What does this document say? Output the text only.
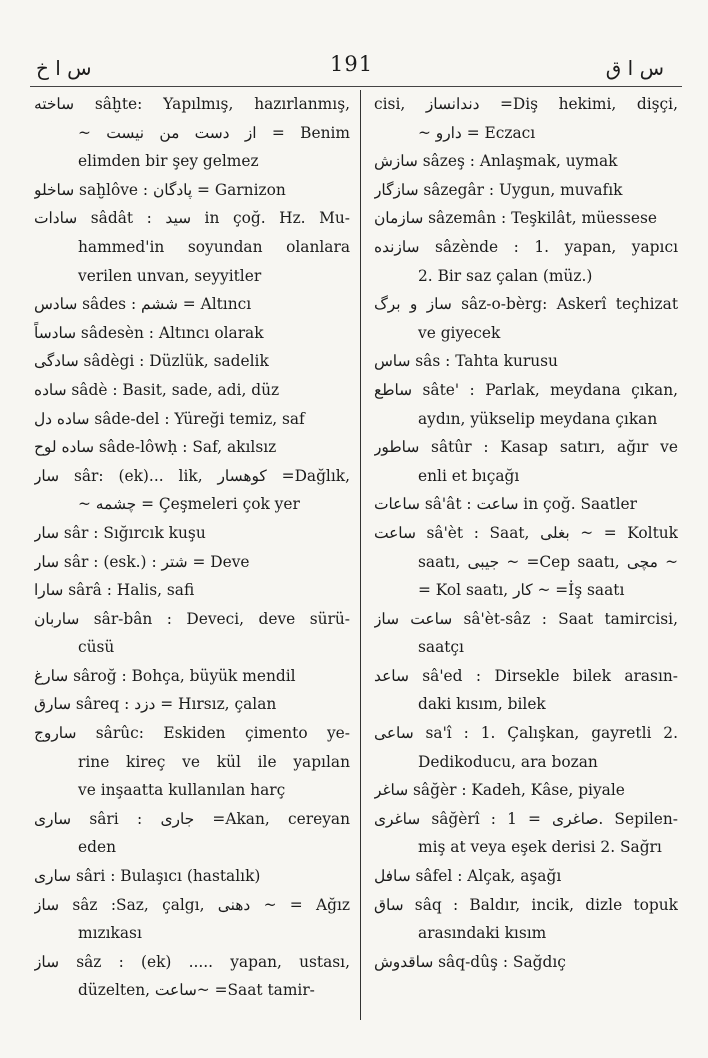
س ا خ	191	س ا ق
ساخته sâḫte: Yapılmış, hazırlanmış,
~ از دست من نیست = Benim
elimden bir şey gelmez
ساخلو saḫlôve : پادگان = Garnizon
سادات sâdât : سید in çoğ. Hz. Mu-
hammed'in soyundan olanlara
verilen unvan, seyyitler
سادس sâdes : ششم = Altıncı
سادساً sâdesèn : Altıncı olarak
سادگی sâdègi : Düzlük, sadelik
ساده sâdè : Basit, sade, adi, düz
ساده دل sâde-del : Yüreği temiz, saf
ساده لوح sâde-lôwḥ : Saf, akılsız
سار sâr: (ek)... lik, کوهسار =Dağlık,
~ چشمه = Çeşmeleri çok yer
سار sâr : Sığırcık kuşu
سار sâr : (esk.) : شتر = Deve
سارا sârâ : Halis, safi
ساربان sâr-bân : Deveci, deve sürü-
cüsü
سارغ sâroğ : Bohça, büyük mendil
سارق sâreq : دزد = Hırsız, çalan
ساروج sârûc: Eskiden çimento ye-
rine kireç ve kül ile yapılan
ve inşaatta kullanılan harç
ساری sâri : جاری =Akan, cereyan
eden
ساری sâri : Bulaşıcı (hastalık)
ساز sâz :Saz, çalgı, دهنی ~ = Ağız
mızıkası
ساز sâz : (ek) ..... yapan, ustası,
düzelten, ساعت~ =Saat tamir-
cisi, دندانساز =Diş hekimi, dişçi,
~ دارو = Eczacı
سازش sâzeş : Anlaşmak, uymak
سازگار sâzegâr : Uygun, muvafık
سازمان sâzemân : Teşkilât, müessese
سازنده sâzènde : 1. yapan, yapıcı
2. Bir saz çalan (müz.)
ساز و برگ sâz-o-bèrg: Askerî teçhizat
ve giyecek
ساس sâs : Tahta kurusu
ساطع sâte' : Parlak, meydana çıkan,
aydın, yükselip meydana çıkan
ساطور sâtûr : Kasap satırı, ağır ve
enli et bıçağı
ساعات sâ'ât : ساعت in çoğ. Saatler
ساعت sâ'èt : Saat, بغلی ~ = Koltuk
saatı, جیبی ~ =Cep saatı, مچی ~
= Kol saatı, کار ~ =İş saatı
ساعت ساز sâ'èt-sâz : Saat tamircisi,
saatçı
ساعد sâ'ed : Dirsekle bilek arasın-
daki kısım, bilek
ساعی sa'î : 1. Çalışkan, gayretli 2.
Dedikoducu, ara bozan
ساغر sâğèr : Kadeh, Kâse, piyale
ساغری sâğèrî : صاغری = 1. Sepilen-
miş at veya eşek derisi 2. Sağrı
سافل sâfel : Alçak, aşağı
ساق sâq : Baldır, incik, dizle topuk
arasındaki kısım
ساقدوش sâq-dûş : Sağdıç
